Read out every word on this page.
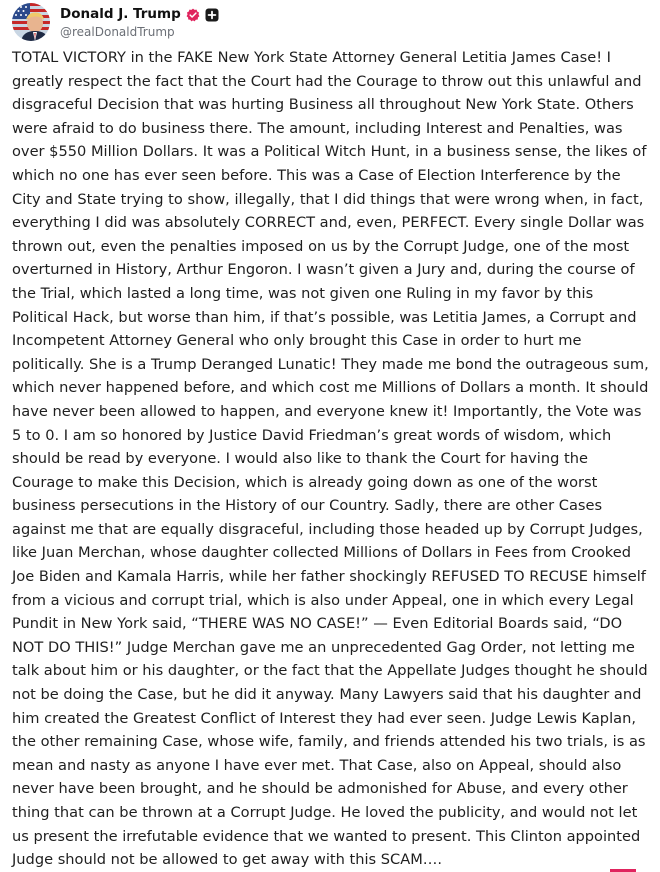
Donald J. Trump
@realDonaldTrump
TOTAL VICTORY in the FAKE New York State Attorney General Letitia James Case! I greatly respect the fact that the Court had the Courage to throw out this unlawful and disgraceful Decision that was hurting Business all throughout New York State. Others were afraid to do business there. The amount, including Interest and Penalties, was over $550 Million Dollars. It was a Political Witch Hunt, in a business sense, the likes of which no one has ever seen before. This was a Case of Election Interference by the City and State trying to show, illegally, that I did things that were wrong when, in fact, everything I did was absolutely CORRECT and, even, PERFECT. Every single Dollar was thrown out, even the penalties imposed on us by the Corrupt Judge, one of the most overturned in History, Arthur Engoron. I wasn’t given a Jury and, during the course of the Trial, which lasted a long time, was not given one Ruling in my favor by this Political Hack, but worse than him, if that’s possible, was Letitia James, a Corrupt and Incompetent Attorney General who only brought this Case in order to hurt me politically. She is a Trump Deranged Lunatic! They made me bond the outrageous sum, which never happened before, and which cost me Millions of Dollars a month. It should have never been allowed to happen, and everyone knew it! Importantly, the Vote was 5 to 0. I am so honored by Justice David Friedman’s great words of wisdom, which should be read by everyone. I would also like to thank the Court for having the Courage to make this Decision, which is already going down as one of the worst business persecutions in the History of our Country. Sadly, there are other Cases against me that are equally disgraceful, including those headed up by Corrupt Judges, like Juan Merchan, whose daughter collected Millions of Dollars in Fees from Crooked Joe Biden and Kamala Harris, while her father shockingly REFUSED TO RECUSE himself from a vicious and corrupt trial, which is also under Appeal, one in which every Legal Pundit in New York said, “THERE WAS NO CASE!” — Even Editorial Boards said, “DO NOT DO THIS!” Judge Merchan gave me an unprecedented Gag Order, not letting me talk about him or his daughter, or the fact that the Appellate Judges thought he should not be doing the Case, but he did it anyway. Many Lawyers said that his daughter and him created the Greatest Conflict of Interest they had ever seen. Judge Lewis Kaplan, the other remaining Case, whose wife, family, and friends attended his two trials, is as mean and nasty as anyone I have ever met. That Case, also on Appeal, should also never have been brought, and he should be admonished for Abuse, and every other thing that can be thrown at a Corrupt Judge. He loved the publicity, and would not let us present the irrefutable evidence that we wanted to present. This Clinton appointed Judge should not be allowed to get away with this SCAM….
